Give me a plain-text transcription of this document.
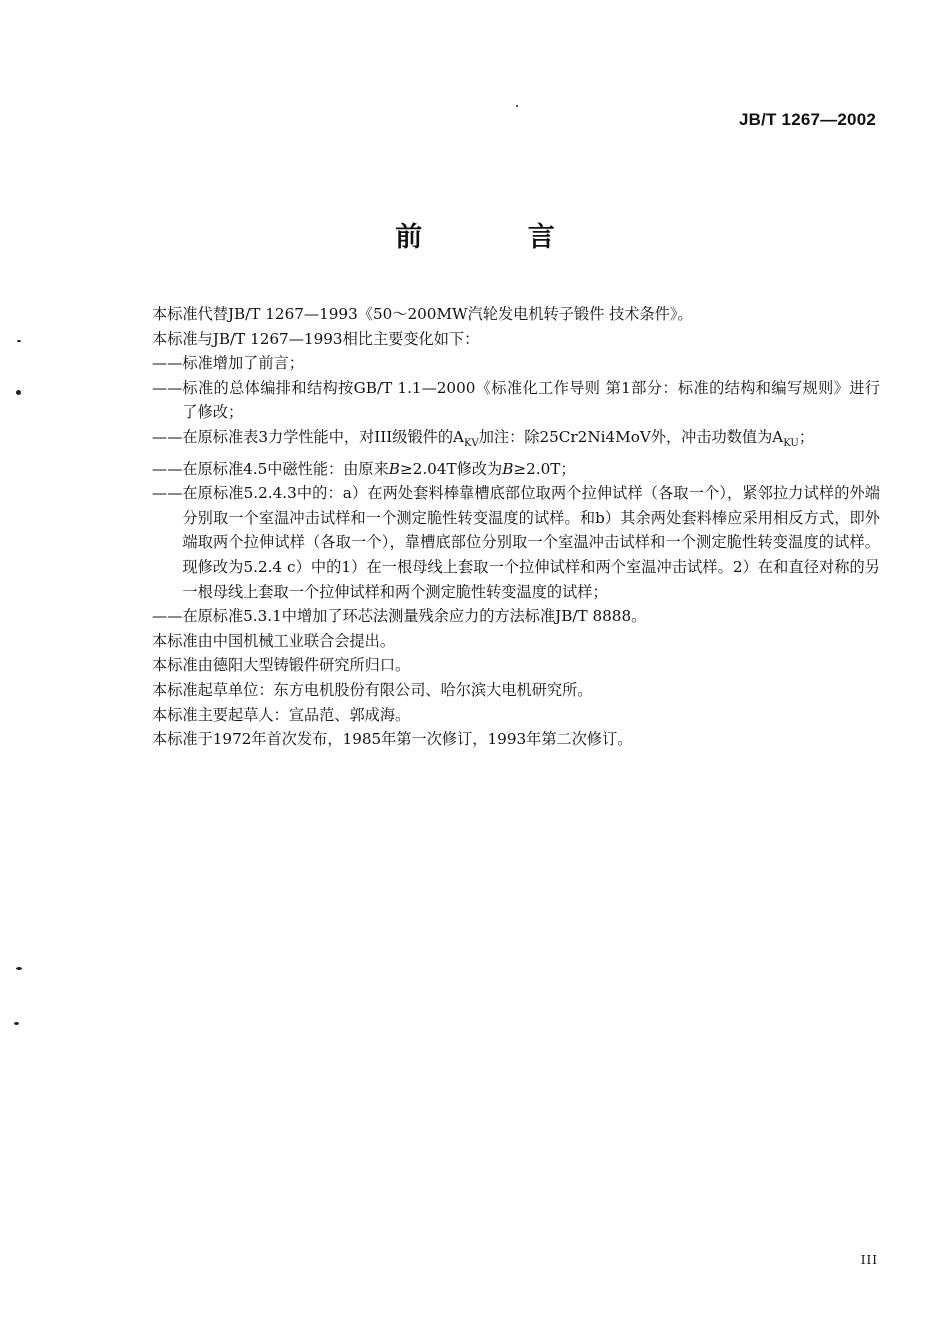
JB/T 1267—2002
前 言
本标准代替JB/T 1267—1993《50～200MW汽轮发电机转子锻件 技术条件》。
本标准与JB/T 1267—1993相比主要变化如下：
—— 标准增加了前言；
—— 标准的总体编排和结构按GB/T 1.1—2000《标准化工作导则 第1部分：标准的结构和编写规则》进行了修改；
—— 在原标准表3力学性能中，对III级锻件的$A_{KV}$加注：除25Cr2Ni4MoV外，冲击功数值为$A_{KU}$；
—— 在原标准4.5中磁性能：由原来B≥2.04T修改为B≥2.0T；
—— 在原标准5.2.4.3中的：a）在两处套料棒靠槽底部位取两个拉伸试样（各取一个），紧邻拉力试样的外端分别取一个室温冲击试样和一个测定脆性转变温度的试样。和b）其余两处套料棒应采用相反方式，即外端取两个拉伸试样（各取一个），靠槽底部位分别取一个室温冲击试样和一个测定脆性转变温度的试样。现修改为5.2.4 c）中的1）在一根母线上套取一个拉伸试样和两个室温冲击试样。2）在和直径对称的另一根母线上套取一个拉伸试样和两个测定脆性转变温度的试样；
—— 在原标准5.3.1中增加了环芯法测量残余应力的方法标准JB/T 8888。
本标准由中国机械工业联合会提出。
本标准由德阳大型铸锻件研究所归口。
本标准起草单位：东方电机股份有限公司、哈尔滨大电机研究所。
本标准主要起草人：宣品范、郭成海。
本标准于1972年首次发布，1985年第一次修订，1993年第二次修订。
III
